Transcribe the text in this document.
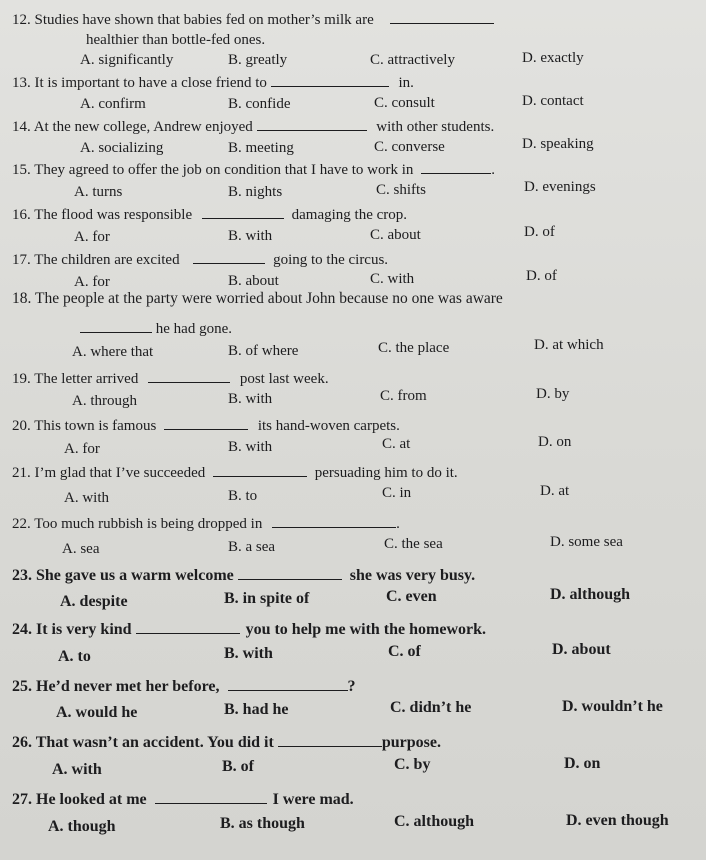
12. Studies have shown that babies fed on mother’s milk are
healthier than bottle-fed ones.
A. significantly	B. greatly	C. attractively	D. exactly
13. It is important to have a close friend to	in.
A. confirm	B. confide	C. consult	D. contact
14. At the new college, Andrew enjoyed	with other students.
A. socializing	B. meeting	C. converse	D. speaking
15. They agreed to offer the job on condition that I have to work in	.
A. turns	B. nights	C. shifts	D. evenings
16. The flood was responsible	damaging the crop.
A. for	B. with	C. about	D. of
17. The children are excited	going to the circus.
A. for	B. about	C. with	D. of
18. The people at the party were worried about John because no one was aware
he had gone.
A. where that	B. of where	C. the place	D. at which
19. The letter arrived	post last week.
A. through	B. with	C. from	D. by
20. This town is famous	its hand-woven carpets.
A. for	B. with	C. at	D. on
21. I’m glad that I’ve succeeded	persuading him to do it.
A. with	B. to	C. in	D. at
22. Too much rubbish is being dropped in	.
A. sea	B. a sea	C. the sea	D. some sea
23. She gave us a warm welcome	she was very busy.
A. despite	B. in spite of	C. even	D. although
24. It is very kind	you to help me with the homework.
A. to	B. with	C. of	D. about
25. He’d never met her before,	?
A. would he	B. had he	C. didn’t he	D. wouldn’t he
26. That wasn’t an accident. You did it	purpose.
A. with	B. of	C. by	D. on
27. He looked at me	I were mad.
A. though	B. as though	C. although	D. even though
